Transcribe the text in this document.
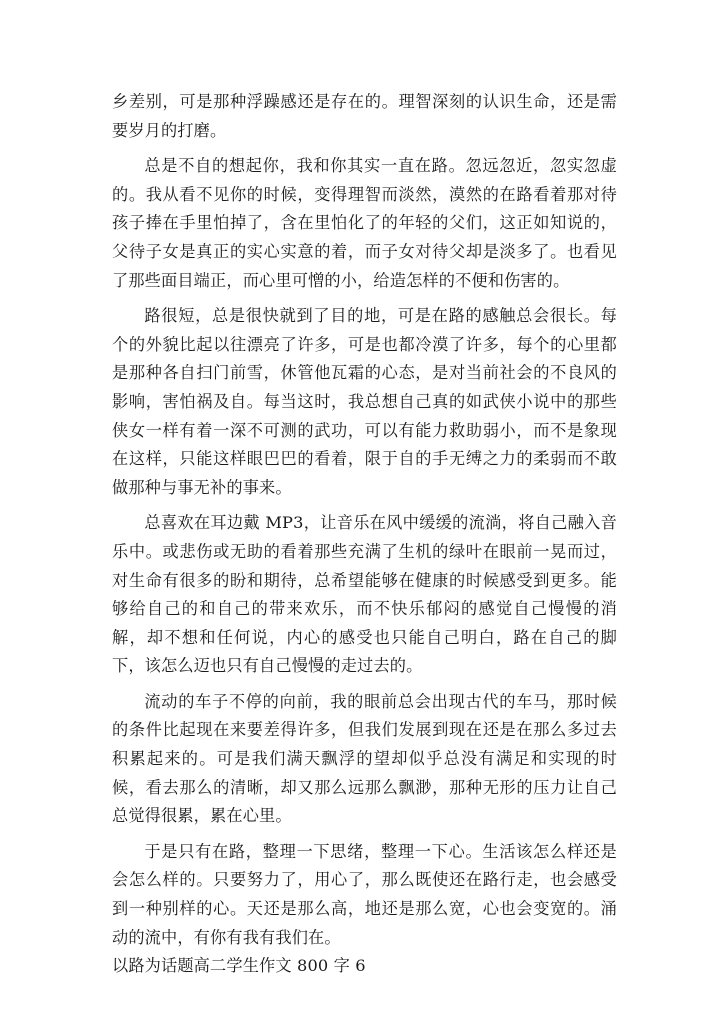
乡差别，可是那种浮躁感还是存在的。理智深刻的认识生命，还是需要岁月的打磨。

总是不自的想起你，我和你其实一直在路。忽远忽近，忽实忽虚的。我从看不见你的时候，变得理智而淡然，漠然的在路看着那对待孩子捧在手里怕掉了，含在里怕化了的年轻的父们，这正如知说的，父待子女是真正的实心实意的着，而子女对待父却是淡多了。也看见了那些面目端正，而心里可憎的小，给造怎样的不便和伤害的。

路很短，总是很快就到了目的地，可是在路的感触总会很长。每个的外貌比起以往漂亮了许多，可是也都冷漠了许多，每个的心里都是那种各自扫门前雪，休管他瓦霜的心态，是对当前社会的不良风的影响，害怕祸及自。每当这时，我总想自己真的如武侠小说中的那些侠女一样有着一深不可测的武功，可以有能力救助弱小，而不是象现在这样，只能这样眼巴巴的看着，限于自的手无缚之力的柔弱而不敢做那种与事无补的事来。

总喜欢在耳边戴 MP3，让音乐在风中缓缓的流淌，将自己融入音乐中。或悲伤或无助的看着那些充满了生机的绿叶在眼前一晃而过，对生命有很多的盼和期待，总希望能够在健康的时候感受到更多。能够给自己的和自己的带来欢乐，而不快乐郁闷的感觉自己慢慢的消解，却不想和任何说，内心的感受也只能自己明白，路在自己的脚下，该怎么迈也只有自己慢慢的走过去的。

流动的车子不停的向前，我的眼前总会出现古代的车马，那时候的条件比起现在来要差得许多，但我们发展到现在还是在那么多过去积累起来的。可是我们满天飘浮的望却似乎总没有满足和实现的时候，看去那么的清晰，却又那么远那么飘渺，那种无形的压力让自己总觉得很累，累在心里。

于是只有在路，整理一下思绪，整理一下心。生活该怎么样还是会怎么样的。只要努力了，用心了，那么既使还在路行走，也会感受到一种别样的心。天还是那么高，地还是那么宽，心也会变宽的。涌动的流中，有你有我有我们在。

以路为话题高二学生作文 800 字 6
